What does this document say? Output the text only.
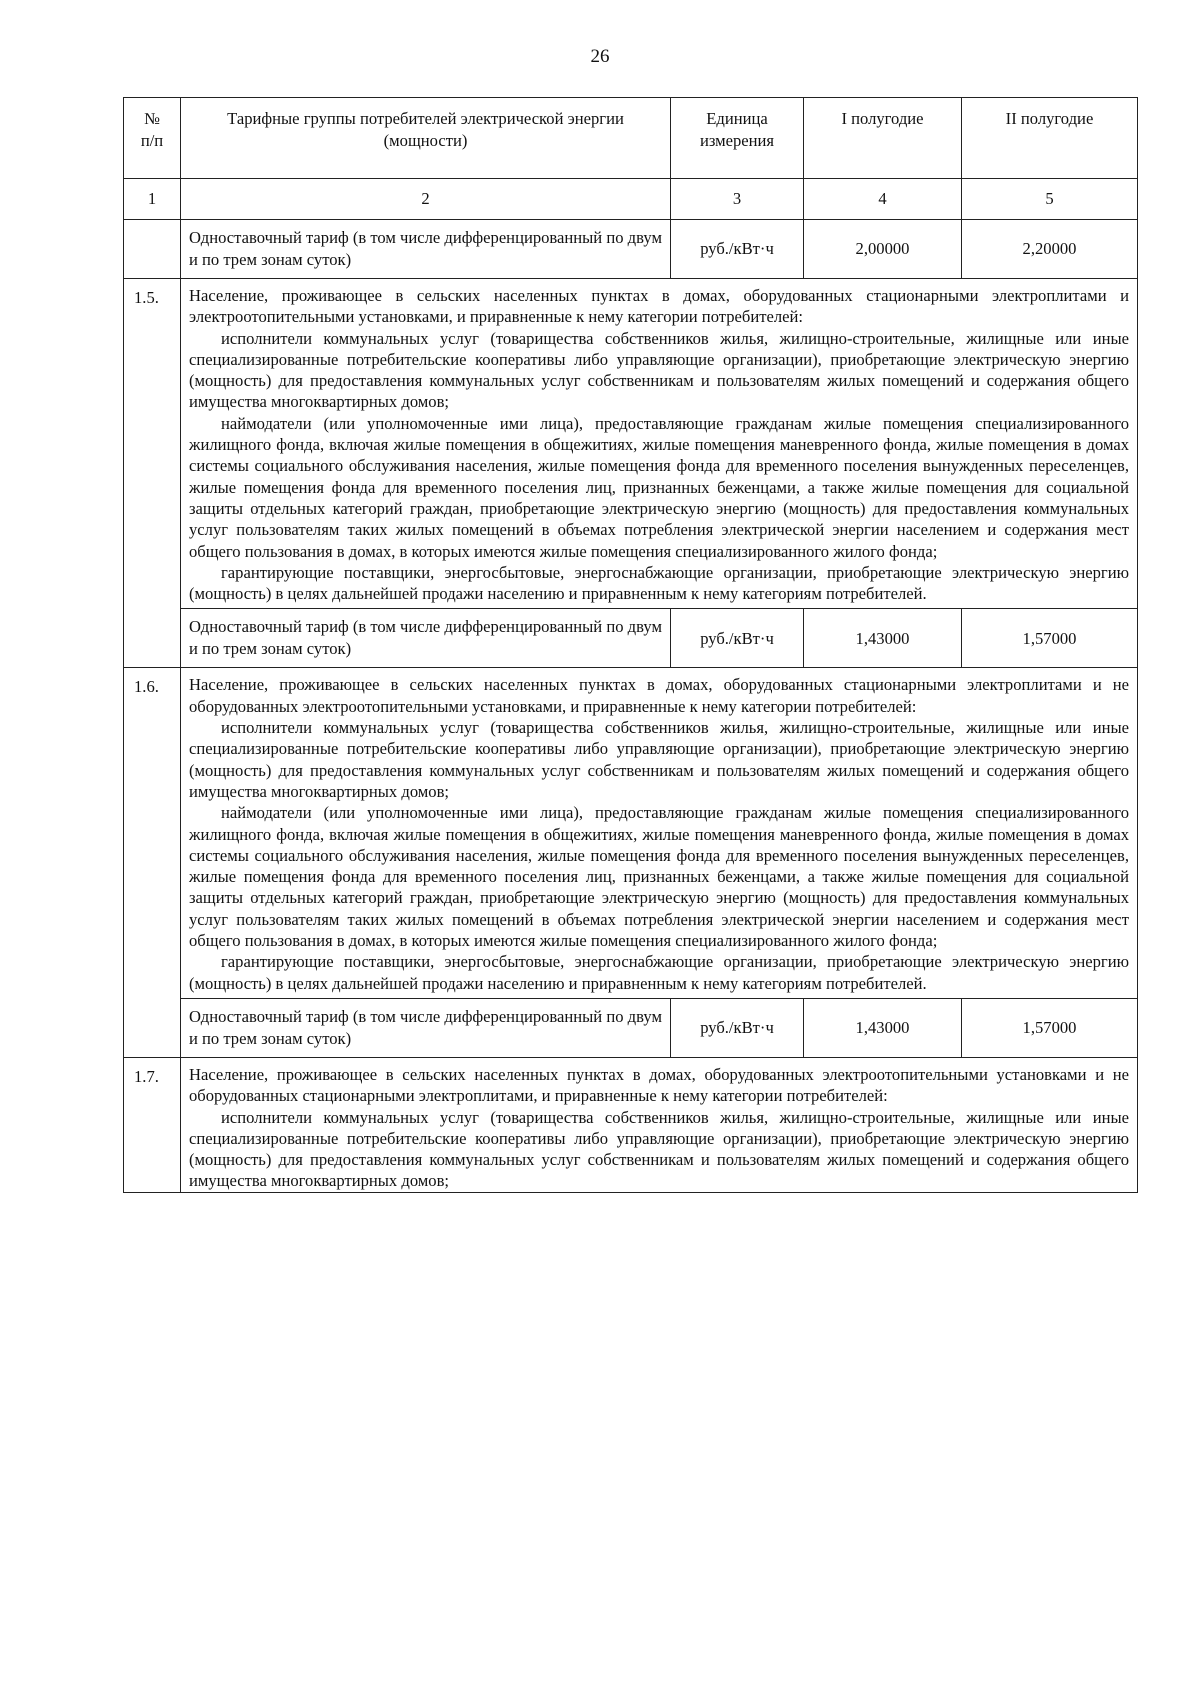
26
№
п/п	Тарифные группы потребителей электрической энергии (мощности)	Единица измерения	I полугодие	II полугодие
1	2	3	4	5
	Одноставочный тариф (в том числе дифференцированный по двум и по трем зонам суток)	руб./кВт·ч	2,00000	2,20000
1.5.	Население, проживающее в сельских населенных пунктах в домах, оборудованных стационарными электроплитами и электроотопительными установками, и приравненные к нему категории потребителей:

исполнители коммунальных услуг (товарищества собственников жилья, жилищно-строительные, жилищные или иные специализированные потребительские кооперативы либо управляющие организации), приобретающие электрическую энергию (мощность) для предоставления коммунальных услуг собственникам и пользователям жилых помещений и содержания общего имущества многоквартирных домов;

наймодатели (или уполномоченные ими лица), предоставляющие гражданам жилые помещения специализированного жилищного фонда, включая жилые помещения в общежитиях, жилые помещения маневренного фонда, жилые помещения в домах системы социального обслуживания населения, жилые помещения фонда для временного поселения вынужденных переселенцев, жилые помещения фонда для временного поселения лиц, признанных беженцами, а также жилые помещения для социальной защиты отдельных категорий граждан, приобретающие электрическую энергию (мощность) для предоставления коммунальных услуг пользователям таких жилых помещений в объемах потребления электрической энергии населением и содержания мест общего пользования в домах, в которых имеются жилые помещения специализированного жилого фонда;

гарантирующие поставщики, энергосбытовые, энергоснабжающие организации, приобретающие электрическую энергию (мощность) в целях дальнейшей продажи населению и приравненным к нему категориям потребителей.			

	Одноставочный тариф (в том числе дифференцированный по двум и по трем зонам суток)	руб./кВт·ч	1,43000	1,57000
1.6.	Население, проживающее в сельских населенных пунктах в домах, оборудованных стационарными электроплитами и не оборудованных электроотопительными установками, и приравненные к нему категории потребителей:

исполнители коммунальных услуг (товарищества собственников жилья, жилищно-строительные, жилищные или иные специализированные потребительские кооперативы либо управляющие организации), приобретающие электрическую энергию (мощность) для предоставления коммунальных услуг собственникам и пользователям жилых помещений и содержания общего имущества многоквартирных домов;

наймодатели (или уполномоченные ими лица), предоставляющие гражданам жилые помещения специализированного жилищного фонда, включая жилые помещения в общежитиях, жилые помещения маневренного фонда, жилые помещения в домах системы социального обслуживания населения, жилые помещения фонда для временного поселения вынужденных переселенцев, жилые помещения фонда для временного поселения лиц, признанных беженцами, а также жилые помещения для социальной защиты отдельных категорий граждан, приобретающие электрическую энергию (мощность) для предоставления коммунальных услуг пользователям таких жилых помещений в объемах потребления электрической энергии населением и содержания мест общего пользования в домах, в которых имеются жилые помещения специализированного жилого фонда;

гарантирующие поставщики, энергосбытовые, энергоснабжающие организации, приобретающие электрическую энергию (мощность) в целях дальнейшей продажи населению и приравненным к нему категориям потребителей.			

	Одноставочный тариф (в том числе дифференцированный по двум и по трем зонам суток)	руб./кВт·ч	1,43000	1,57000
1.7.	Население, проживающее в сельских населенных пунктах в домах, оборудованных электроотопительными установками и не оборудованных стационарными электроплитами, и приравненные к нему категории потребителей:

исполнители коммунальных услуг (товарищества собственников жилья, жилищно-строительные, жилищные или иные специализированные потребительские кооперативы либо управляющие организации), приобретающие электрическую энергию (мощность) для предоставления коммунальных услуг собственникам и пользователям жилых помещений и содержания общего имущества многоквартирных домов;			
